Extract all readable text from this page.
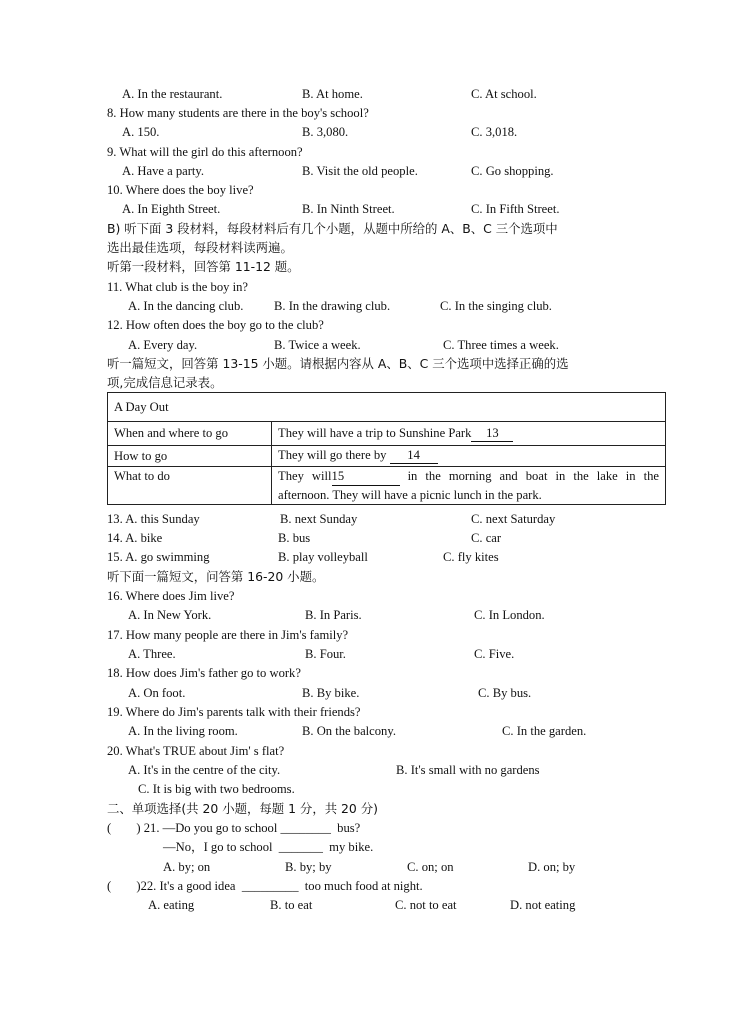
A. In the restaurant.	B. At home.	C. At school.
8. How many students are there in the boy's school?
A. 150.	B. 3,080.	C. 3,018.
9. What will the girl do this afternoon?
A. Have a party.	B. Visit the old people.	C. Go shopping.
10. Where does the boy live?
A. In Eighth Street.	B. In Ninth Street.	C. In Fifth Street.
B) 听下面 3 段材料，每段材料后有几个小题，从题中所给的 A、B、C 三个选项中
选出最佳选项，每段材料读两遍。
听第一段材料，回答第 11-12 题。
11. What club is the boy in?
A. In the dancing club. B. In the drawing club.	C. In the singing club.
12. How often does the boy go to the club?
A. Every day.	B. Twice a week.	C. Three times a week.
听一篇短文，回答第 13-15 小题。请根据内容从 A、B、C 三个选项中选择正确的选
项,完成信息记录表。
A Day Out	
When and where to go	They will have a trip to Sunshine Park 13
How to go	They will go there by 14
What to do	They will15 in the morning and boat in the lake in the
afternoon. They will have a picnic lunch in the park.
13. A. this Sunday	B. next Sunday	C. next Saturday
14. A. bike	B. bus	C. car
15. A. go swimming	B. play volleyball	C. fly kites
听下面一篇短文，问答第 16-20 小题。
16. Where does Jim live?
A. In New York.	B. In Paris.	C. In London.
17. How many people are there in Jim's family?
A. Three.	B. Four.	C. Five.
18. How does Jim's father go to work?
A. On foot.	B. By bike.	C. By bus.
19. Where do Jim's parents talk with their friends?
A. In the living room.	B. On the balcony.	C. In the garden.
20. What's TRUE about Jim' s flat?
A. It's in the centre of the city.	B. It's small with no gardens
C. It is big with two bedrooms.
二、单项选择(共 20 小题，每题 1 分，共 20 分)
(        ) 21. —Do you go to school ________  bus?
—No，I go to school  _______  my bike.
A. by; on	B. by; by	C. on; on	D. on; by
(        )22. It's a good idea  _________  too much food at night.
A. eating	B. to eat	C. not to eat	D. not eating
